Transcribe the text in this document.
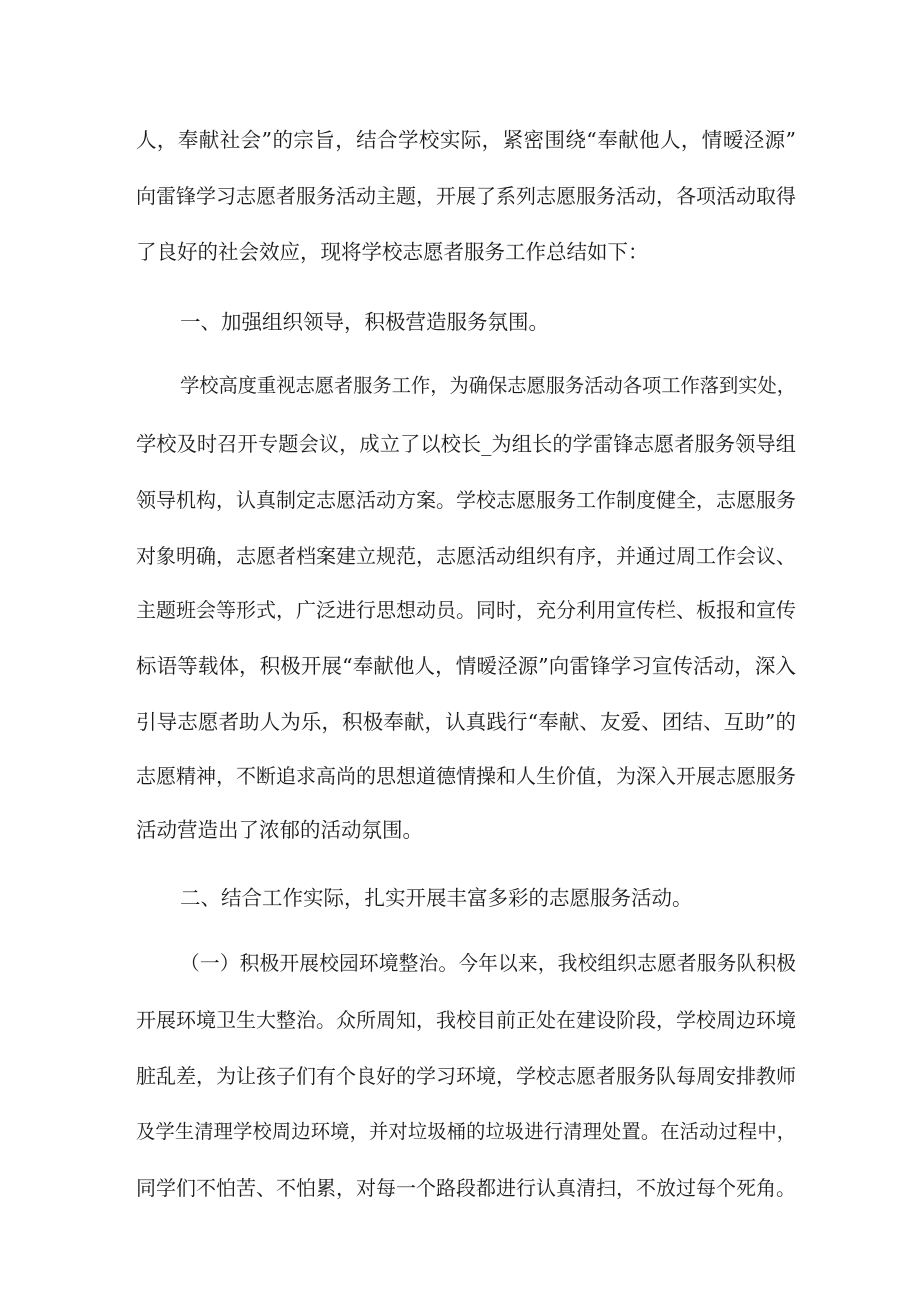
人，奉献社会”的宗旨，结合学校实际，紧密围绕“奉献他人，情暧泾源”
向雷锋学习志愿者服务活动主题，开展了系列志愿服务活动，各项活动取得
了良好的社会效应，现将学校志愿者服务工作总结如下：
一、加强组织领导，积极营造服务氛围。
学校高度重视志愿者服务工作，为确保志愿服务活动各项工作落到实处，
学校及时召开专题会议，成立了以校长_为组长的学雷锋志愿者服务领导组
领导机构，认真制定志愿活动方案。学校志愿服务工作制度健全，志愿服务
对象明确，志愿者档案建立规范，志愿活动组织有序，并通过周工作会议、
主题班会等形式，广泛进行思想动员。同时，充分利用宣传栏、板报和宣传
标语等载体，积极开展“奉献他人，情暧泾源”向雷锋学习宣传活动，深入
引导志愿者助人为乐，积极奉献，认真践行“奉献、友爱、团结、互助”的
志愿精神，不断追求高尚的思想道德情操和人生价值，为深入开展志愿服务
活动营造出了浓郁的活动氛围。
二、结合工作实际，扎实开展丰富多彩的志愿服务活动。
（一）积极开展校园环境整治。今年以来，我校组织志愿者服务队积极
开展环境卫生大整治。众所周知，我校目前正处在建设阶段，学校周边环境
脏乱差，为让孩子们有个良好的学习环境，学校志愿者服务队每周安排教师
及学生清理学校周边环境，并对垃圾桶的垃圾进行清理处置。在活动过程中，
同学们不怕苦、不怕累，对每一个路段都进行认真清扫，不放过每个死角。
